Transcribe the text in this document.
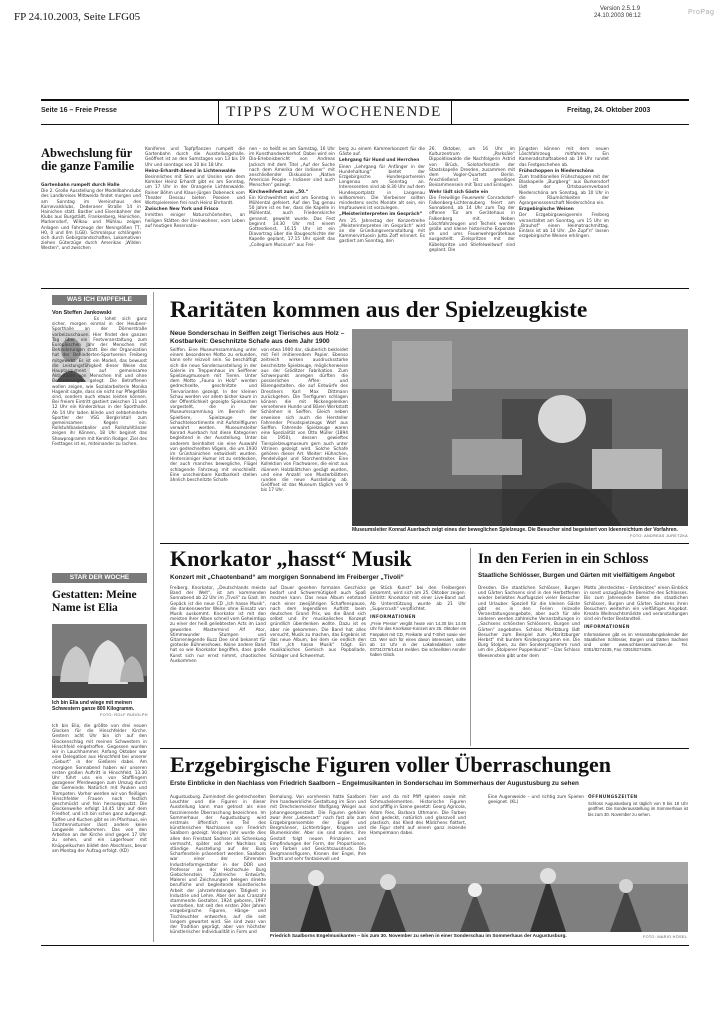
FP 24.10.2003, Seite LFG05
Version 2.5.1.9
24.10.2003 06:12	ProPag
Seite 16 – Freie Presse	TIPPS ZUM WOCHENENDE	Freitag, 24. Oktober 2003
Abwechslung für die ganze Familie
Gartenbahn rumpelt durch Halle
Die 2. Große Ausstellung der Modellbahnclubs des Landkreises Mittweida findet morgen und am Sonntag im Vereinshaus des Karnevalsklubs, Dederaner Straße 14 in Hainichen statt. Bastler und Eisenbahner der Klubs aus Burgstädt, Frankenberg, Hainichen, Markersdorf, Wilkau und Mühlau zeigen Anlagen und Fahrzeuge der Nenngrößen TT, H0, 0 und IIm (LGB). Schmalspur schlängeln sich durch Gebirgslandschaften, Lokomotiven ziehen Güterzüge durch Amerikas „Wilden Westen“, und zwischen
Koniferen und Topfpflanzen rumpelt die Gartenbahn durch die Ausstellungshalle. Geöffnet ist an den Samstagen von 13 bis 19 Uhr und sonntags von 10 bis 18 Uhr.
Heinz-Erhardt-Abend in Lichtenwalde
Besinnliches mit Sinn und Unsinn von dem Komiker Heinz Erhardt gibt es am Sonntag, um 17 Uhr in der Orangerie Lichtenwalde. Rainer Böhm und Klaus-Jürgen Dobeneck vom Theater Dessau bieten Poesien und Wortspielereien frei nach Heinz Ehrhardt.
Zwischen New York und Frisco
Inmitten einiger Naturschönheiten, an heiligen Stätten der Ureinwohner, vom Leben auf heutigen Reservatio-
nen – so heißt es am Samstag, 16 Uhr im Kunsthandwerkerhof. Dabei wird ein Dia-Erlebnisbericht von Andreas Jacksch mit dem Titel „Auf der Suche nach dem Amerika der Indianer“ mit anschließender Diskussion „Native American People – Indianer sind auch Menschen“ gezeigt.
Kirchweihfest zum „50.“
Ein Kirchweihfest wird am Sonntag in Mühlental gefeiert. Auf den Tag genau 50 Jahre ist es her, dass die Kapelle in Mühlental, auch Friedenskirche genannt, geweiht wurde. Das Fest beginnt 14.30 Uhr mit einem Gottesdienst, 16.15 Uhr ist ein Diavortrag über die Baugeschichte der Kapelle geplant, 17.15 Uhr spielt das „Collegium Musicum“ aus Frei-
berg zu einem Kammerkonzert für die Gäste auf.
Lehrgang für Hund und Herrchen
Einen „Lehrgang für Anfänger in der Hundehaltung“ bietet der Erzgebirgische Hundesportverein Langenau am Sonntag an. Interessenten sind ab 8.30 Uhr auf dem Hundesportplatz in Langenau willkommen. Die Vierbeiner sollten mindestens sechs Monate alt sein, ein Impfausweis ist vorzulegen.
„Meisterinterpreten im Gespräch“
Am 25. Jahrestag der Konzertreihe „Meisterinterpreten im Gespräch“ wird an die Gründungsveranstaltung mit Kammervirtuosin Jutta Zoff erinnert. Es gastiert am Sonntag, den
26. Oktober, um 16 Uhr im Kulturzentrum „Parksäle“ Dippoldiswalde die Nachfolgerin Astrid von Brück, Soloharfenistin der Staatskapelle Dresden, zusammen mit dem Vogler-Quartett Berlin. Anschließend ist geselliges Beisammensein mit Tanz und Einlagen.
Wehr lädt sich Gäste ein
Die Freiwillige Feuerwehr Conradsdorf-Falkenberg-Lichtenauberg feiert am Sonnabend, ab 14 Uhr zum Tag der offenen Tür am Gerätehaus in Falkenberg mit. Neben Löschfahrzeugen und Technik werden große und kleine historische Exponate im und ums Feuerwehrgerätehaus ausgestellt. Zielspritzen mit der Kübelspritze und Stiefelweitwurf sind geplant. Die
Jüngsten können mit dem neuen Löschfahrzeug mitfahren. Ein Kameradschaftsabend ab 19 Uhr rundet das Festgeschehen ab.
Frühschoppen in Niederschöna
Zum traditionellen Frühschoppen mit der Blaskapelle „Burgberg“ aus Burkersdorf lädt der Ortsbauernverband Niederschöna am Sonntag, ab 10 Uhr in die Räumlichkeiten der Agrargenossenschaft Niederschöna ein.
Erzgebirgische Weisen
Der Erzgebirgsweigverein Freiberg veranstaltet am Sonntag, um 15 Uhr im „Brauhof“ einen Heimatnachmittag. Einlass ist ab 14 Uhr. „De Zupf’n“ lassen erzgebirgische Weisen erklingen.
WAS ICH EMPFEHLE
Von Steffen Jankowski
Es lohnt sich ganz sicher, morgen einmal in der Heubner-Sporthalle an der Dörnerstraße vorbeizuschauen. Hier findet den ganzen Tag über ein Festveranstaltung zum Europäischen Jahr der Menschen mit Behinderungen statt. Bei der Organisation hat der Behinderten-Sportverein Freiberg mitgewirkt. Es ist ein Modell, das bewusst die Leistungsfähigkeit dieser Weise das Hauptargument auf gemeinsame Aktivitäten von Menschen mit und ohne Behinderungen gelegt. Die Betroffenen wollen zeigen, wie Sozialarbeiterin Monika Hagenit sagte, dass sie nicht nur Pflegefälle sind, sondern auch etwas leisten können. Bei freiem Eintritt gastiert zwischen 11 und 12 Uhr ein Kinderzirkus in der Sporthalle. Ab 14 Uhr laden blinde und sehbehinderte Sportler der VSG Bergkristall zum gemeinsamen Kegeln ein. Rollstuhlbasketballer und Rollstuhltänzer zeigen ihr Können, 18 Uhr beginnt das Showprogramm mit Kerstin Rodger. Ziel des Festtages ist es, miteinander zu lachen.
STAR DER WOCHE
Gestatten: Meine Name ist Elia
Ich bin Elia und wiege mit meinen Schwestern ganze 800 Kilogramm.
FOTO: ROLF RUDOLPH
Ich bin Elia, die größte von drei neuen Glocken für die Hinschfelder Kirche. Gestern acht Uhr bin ich auf den Glockenschlag mit meinen Schwestern in Hinschfeld eingetroffen. Gegossen wurden wir in Lauchhammer. Anfang Oktober war eine Delegation aus Hinschfeld bei unserer „Geburt“ in der Gießerei dabei. Am morgigen Sonnabend haben wir unseren ersten großen Auftritt in Hinschfeld. 13.30 Uhr führt uns ein von Stafflingern gezogener Pferdewagen zum Umzug durch die Gemeinde. Natürlich mit Pauken und Trompeten. Vorher werden wir von fleißigen Hinschfelder Frauen noch festlich geschmückt und fein herausgeputzt. Die Glockenweihe erfolgt 14.45 Uhr auf dem Friedhof, und ich bin schon ganz aufgeregt. Kaffee und Kuchen gibt es im Pfarrhaus, ein Tischtennisturnier lässt andere keine Langweile aufkommen. Das von den Arbeiten an der Kirche sind gegen 17 Uhr zu sehen, und ein Lagerfeuer mit Knüppelkuchen bildet den Abschluss, bevor am Montag der Aufzug erfolgt. (KD)
Raritäten kommen aus der Spielzeugkiste
Neue Sonderschau in Seiffen zeigt Tierisches aus Holz – Kostbarkeit: Geschnitzte Schafe aus dem Jahr 1900
Seiffen. Eine Museumssammlung unter einem besonderen Motto zu erkunden, kann sehr reizvoll sein. So beschäftigt sich die neue Sonderausstellung in der Galerie im Treppenhaus im Seiffener Spielzeugmuseum mit Tieren. Unter dem Motto „Fauna in Holz“ werden gedrechselte, geschnitzte und Tiervarianten gezeigt. In der kleinen Schau werden vor allem bisher kaum in der Öffentlichkeit gezeigte Spielsachen vorgestellt, die in der Museumssammlung im Bereich der Spieltiere, Spielzeuge der Schachtelsortimente mit Aufstellfiguren verwahrt werden. Museumsleiter Konrad Auerbach hat diese Kategorien begleitend in der Ausstellung. Unter anderem beinhaltet sie eine Auswahl von gedrechselten Vögeln, die um 1930 im Grünhainichen entwickelt wurden. Hintersinniger Humor ist zu entdecken, der auch manches bewegliche, Flügel schlagende Fahrzeug mit einschließt. Eine unscheinbare Kostbarkeit stellen ähnlich beschnitzte Schafe
von etwa 1900 dar, säuberlich bekleidet mit Fell imitierendem Papier. Ebenso zeitreich wirken ausdrucksstarke beschnitzte Spielzeuge, möglicherweise aus der Gröditzer Fabrikation. Zum Schwerpunkt anregen dürften die possierlichen Affen- und Bärengestalten, die auf Entwürfe des Dresdners Karl Max Dittmann zurückgehen. Die Tierfiguren schlagen können die mit Nickengelenken versehenen Hunde und Bären Werkstatt Schönherr in Seiffen. Gleich neben erweisen sich auch die Hersteller Fahrender Privatspielzeugs Wolf aus Seiffen. Fahrende Spielzeuge waren eine Spezialität von Otto Müller (1894 bis 1950), dessen gewieftes Tierspielzeugmuseum gern auch unter Vitrinen gezeigt wird. Solche Schafe gehören dieser Art. Weiter: Hühnchen, Pendelvögel und Storchentreiter. Eine Kollektion von Flachwaren, die einst aus dünnem Holzblättchen gesägt wurden, und eine Anzahl von Musterblättern runden die neue Ausstellung ab. Geöffnet ist das Museum täglich von 9 bis 17 Uhr.
Museumsleiter Konrad Auerbach zeigt eines der beweglichen Spielzeuge. Die Besucher sind begeistert von Ideenreichtum der Vorfahren.
FOTO: ANDREAS JURETZKA
Knorkator „hasst“ Musik
Konzert mit „Chaotenband“ am morgigen Sonnabend im Freiberger „Tivoli“
Freiberg. Knorkator, „Deutschlands meiste Band der Welt“, ist am kommenden Sonnabend ab 22 Uhr im „Tivoli“ zu Gast. Im Gepäck ist die neue CD „Ich hasse Musik“, die dankenswerter Weise ohne Einsatz von Musik auskommt. Knorkator ist mit den meisten ihrer Alben schnell vom Geheimtipp zu einer der heiß geliebtesten Acts im Land geworden. Mastermind Alf Ator, Stimmwunder Stumpen und Gitarrenlegende Buzz Dee sind bekannt für groteske Bühnenshows. Keine andere Band hat so wie Knorkator begriffen, dass große Kunst sich nur ernst nimmt, chaotisches Auskommen
auf Dauer gesehen formalen Geschicks bedarf und Schwermütigkeit auch Spaß machen kann. Das neue Album entstand nach einer zweijährigen Schaffenspause, nach dem legendären Auftritt beim deutschen Grand Prix, wo die Band sich selbst und ihr musikalisches Konzept gründlich überdenken wollte. Dazu ist es aber nie gekommen. Die Band hat alles versucht, Musik zu machen, das Ergebnis ist das neue Album, bei dem sie endlich den Titel „Ich hasse Musik“ trägt. Ein musikalisches Gemisch aus Popballade, Schlager und Schwermut.
ge Stück Kunst“ bei den Freibergern ankommt, wird sich am 25. Oktober zeigen. Eintritt: Knorkator mit einer Live-Band auf. Ab Unterstützung wurde ab 21 Uhr „Supercrush“ verpflichtet.
INFORMATIONEN
„Freie Presse“ vergibt heute von 14.30 bis 14.45 Uhr für das Knorkator-Konzert am 25. Oktober ein Fanpaket mit CD, Freikarte und T-Shirt sowie vier CD. Wer sich für eines davon interessiert, sollte ab 14 Uhr in der Lokalredaktion unter 03731/376/14144 melden. Die schnellsten Anrufer haben Glück.
In den Ferien in ein Schloss
Staatliche Schlösser, Burgen und Gärten mit vielfältigem Angebot
Dresden. Die staatlichen Schlösser, Burgen und Gärten Sachsens sind in den Herbstferien wieder beliebtes Ausflugsziel vieler Besucher und Urlauber. Speziell für die kleinen Gäste gibt es in den Ferien reizvolle Veranstaltungsangebote, aber auch für alle anderen werden zahlreiche Veranstaltungen in „Sachsens schönsten Schlössern, Burgen und Gärten“ angeboten. Schloss Moritzburg lädt Besucher zum Beispiel zum „Moritzburger Herbst“ mit buntem Kinderprogramm ein. Die Burg Stolpen, zu den Sonderprogramm rund um die „Stolpener Puppenkunst“ – Das Schloss Weesenstein gibt unter dem
Motto „Verstecktes – Entdecktes“ einen Einblick in sonst unzugängliche Bereiche des Schlosses. Bis zum Jahresende bieten die staatlichen Schlösser, Burgen und Gärten Sachsens ihren Besuchern weiterhin ein vielfältiges Angebot. Kreativ Weihnachtsmärkte und veranstaltungen sind ein fester Bestandteil.
INFORMATIONEN
Informationen gibt es im Veranstaltungskalender der Staatlichen Schlösser, Burgen und Gärten Sachsen und unter www.schloesser.sachsen.de Tel. 0351/8274435, Fax: 0351/8274405.
Erzgebirgische Figuren voller Überraschungen
Erste Einblicke in den Nachlass von Friedrich Saalborn – Engelmusikanten in Sonderschau im Sommerhaus der Augustusburg zu sehen
Augustusburg. Zumindest die gedrechselten Leuchter und die Figuren in dieser Ausstellung kann man getrost als eine faszinierende Überraschung bezeichnen. Im Sommerhaus der Augustusburg wird erstmals öffentlich ein Teil des künstlerischen Nachlasses von Friedrich Saalborn gezeigt. Vorigen Jahr wurde dies allen den Freistaat Sachsen als Schenkung vermacht, später soll der Nachlass als ständige Ausstellung auf der Burg Scharfenstein präsentiert werden. Saalborn war einer der führenden Industrieformgestalter in der DDR und Professor an der Hochschule Burg Giebichenstein. Zahlreiche Entwürfe, Malerei und Zeichnungen belegen direkte berufliche und begleitende künstlerische Arbeit der jahrzehntelangen Tätigkeit in Industrie und Lehre. Aber der aus Cranzahl stammende Gestalter, 1924 geboren, 1997 verstorben, hat seit den ersten 20er Jahren erzgebirgische Figuren, Hänge- und Tischleuchter entworfen, auf die seit langem gewartet wird. Sie sind zwar von der Tradition geprägt, aber von höchster künstlerischer Individualität in Form und
Bemalung. Von vornherein hatte Saalborn ihre handwerkliche Gestaltung im Sinn und mit Drechslermeister Wolfgang Weigel aus Johanngeorgenstadt. Die Figuren gehören zwar ihrer „Lebensart“ nach fast alle zum Erzgebirgsensemble der Engel und Bergmänner, Lichterträger, Krippen und Blumenkinder. Aber sie sind anders, ihre Gestalt folgt neuen Prinzipien und Empfindungen der Form, der Proportionen, von Farben und Gesichtsausdruck. Die Bergmannsfiguren, Kronen der Engel, Ihre Tracht und sehr fantasievoll und
hier und da mit Pfiff spielen sowie mit Schmuckelementen. Historische Figuren sind pfiffig in Szene gesetzt: Georg Agricola, Adam Ries, Barbara Uthmann. Die Farben sind gedeckt, natürlich und glanzvoll und plastisch, das Kleid des Mädchens flattert, die Figur steht auf einem ganz reizende Hampelmann dabei.
Eine Augenweide – und richtig zum Spielen geeignet. (KL)
ÖFFNUNGSZEITEN
Schloss Augustusburg ist täglich von 9 bis 18 Uhr geöffnet. Die Sonderausstellung im Sommerhaus ist bis zum 30. November zu sehen.
Friedrich Saalborns Engelmusikanten – bis zum 30. November zu sehen in einer Sonderschau im Sommerhaus der Augustusburg.	FOTO: MARIO HÖSEL
